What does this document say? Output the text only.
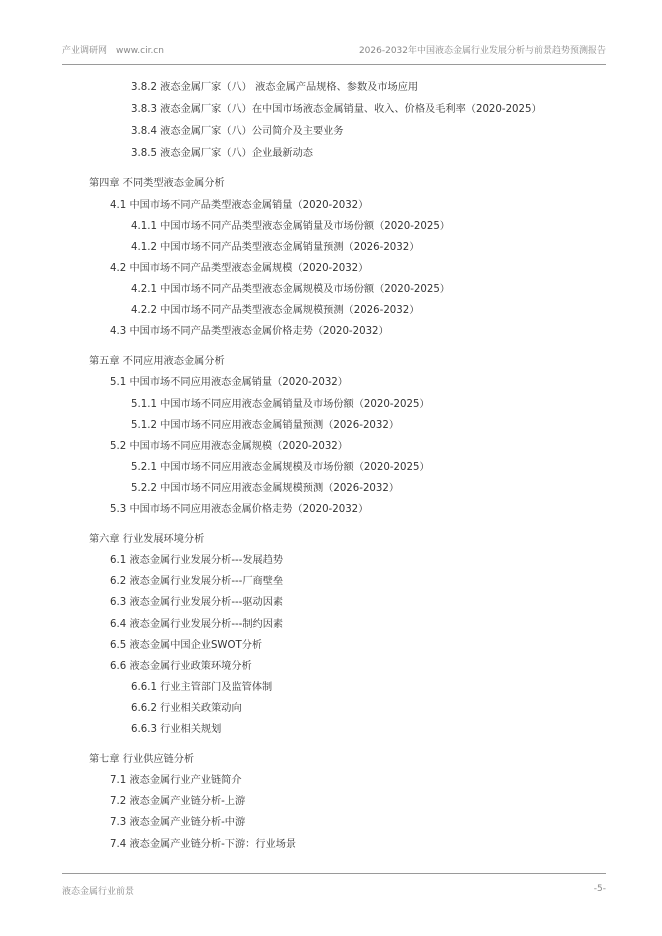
产业调研网　www.cir.cn	2026-2032年中国液态金属行业发展分析与前景趋势预测报告
3.8.2 液态金属厂家（八） 液态金属产品规格、参数及市场应用
3.8.3 液态金属厂家（八）在中国市场液态金属销量、收入、价格及毛利率（2020-2025）
3.8.4 液态金属厂家（八）公司简介及主要业务
3.8.5 液态金属厂家（八）企业最新动态
第四章 不同类型液态金属分析
4.1 中国市场不同产品类型液态金属销量（2020-2032）
4.1.1 中国市场不同产品类型液态金属销量及市场份额（2020-2025）
4.1.2 中国市场不同产品类型液态金属销量预测（2026-2032）
4.2 中国市场不同产品类型液态金属规模（2020-2032）
4.2.1 中国市场不同产品类型液态金属规模及市场份额（2020-2025）
4.2.2 中国市场不同产品类型液态金属规模预测（2026-2032）
4.3 中国市场不同产品类型液态金属价格走势（2020-2032）
第五章 不同应用液态金属分析
5.1 中国市场不同应用液态金属销量（2020-2032）
5.1.1 中国市场不同应用液态金属销量及市场份额（2020-2025）
5.1.2 中国市场不同应用液态金属销量预测（2026-2032）
5.2 中国市场不同应用液态金属规模（2020-2032）
5.2.1 中国市场不同应用液态金属规模及市场份额（2020-2025）
5.2.2 中国市场不同应用液态金属规模预测（2026-2032）
5.3 中国市场不同应用液态金属价格走势（2020-2032）
第六章 行业发展环境分析
6.1 液态金属行业发展分析---发展趋势
6.2 液态金属行业发展分析---厂商壁垒
6.3 液态金属行业发展分析---驱动因素
6.4 液态金属行业发展分析---制约因素
6.5 液态金属中国企业SWOT分析
6.6 液态金属行业政策环境分析
6.6.1 行业主管部门及监管体制
6.6.2 行业相关政策动向
6.6.3 行业相关规划
第七章 行业供应链分析
7.1 液态金属行业产业链简介
7.2 液态金属产业链分析-上游
7.3 液态金属产业链分析-中游
7.4 液态金属产业链分析-下游：行业场景
液态金属行业前景	-5-
